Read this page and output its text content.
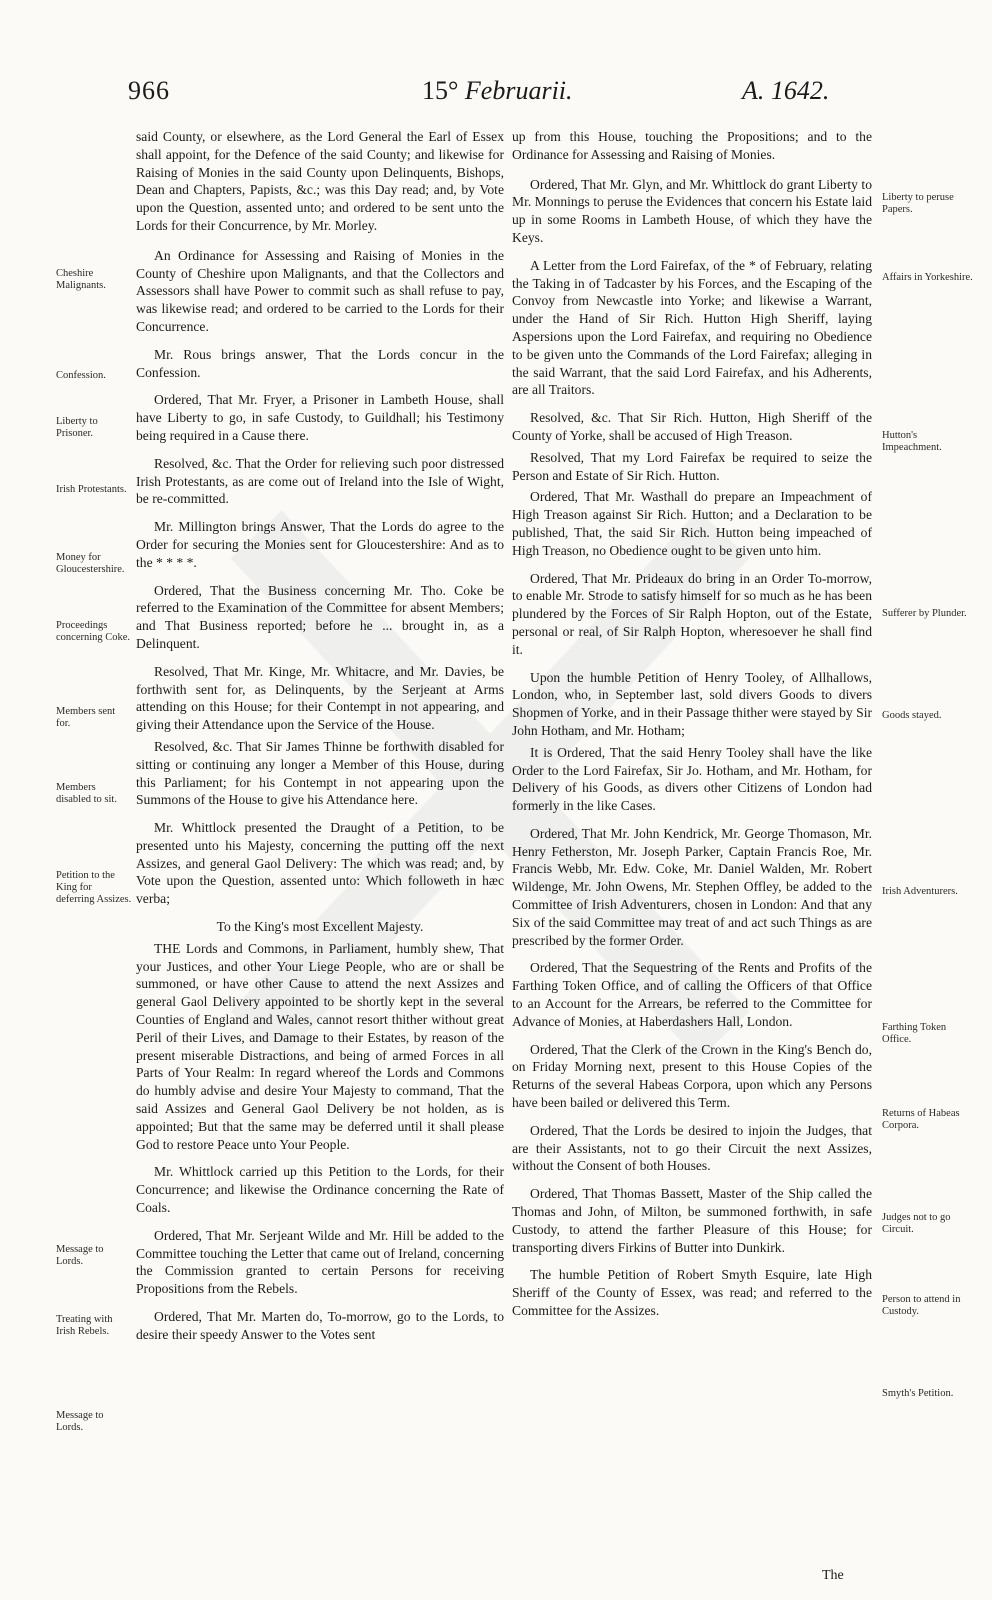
966	15° Februarii.	A. 1642.

said County, or elsewhere, as the Lord General the Earl of Essex shall appoint, for the Defence of the said County; and likewise for Raising of Monies in the said County upon Delinquents, Bishops, Dean and Chapters, Papists, &c.; was this Day read; and, by Vote upon the Question, assented unto; and ordered to be sent unto the Lords for their Concurrence, by Mr. Morley.

An Ordinance for Assessing and Raising of Monies in the County of Cheshire upon Malignants, and that the Collectors and Assessors shall have Power to commit such as shall refuse to pay, was likewise read; and ordered to be carried to the Lords for their Concurrence.

Mr. Rous brings answer, That the Lords concur in the Confession.

Ordered, That Mr. Fryer, a Prisoner in Lambeth House, shall have Liberty to go, in safe Custody, to Guildhall; his Testimony being required in a Cause there.

Resolved, &c. That the Order for relieving such poor distressed Irish Protestants, as are come out of Ireland into the Isle of Wight, be re-committed.

Mr. Millington brings Answer, That the Lords do agree to the Order for securing the Monies sent for Gloucestershire: And as to the * * * *.

Ordered, That the Business concerning Mr. Tho. Coke be referred to the Examination of the Committee for absent Members; and That Business reported; before he ... brought in, as a Delinquent.

Resolved, That Mr. Kinge, Mr. Whitacre, and Mr. Davies, be forthwith sent for, as Delinquents, by the Serjeant at Arms attending on this House; for their Contempt in not appearing, and giving their Attendance upon the Service of the House.

Resolved, &c. That Sir James Thinne be forthwith disabled for sitting or continuing any longer a Member of this House, during this Parliament; for his Contempt in not appearing upon the Summons of the House to give his Attendance here.

Mr. Whittlock presented the Draught of a Petition, to be presented unto his Majesty, concerning the putting off the next Assizes, and general Gaol Delivery: The which was read; and, by Vote upon the Question, assented unto: Which followeth in hæc verba;

To the King's most Excellent Majesty.

THE Lords and Commons, in Parliament, humbly shew, That your Justices, and other Your Liege People, who are or shall be summoned, or have other Cause to attend the next Assizes and general Gaol Delivery appointed to be shortly kept in the several Counties of England and Wales, cannot resort thither without great Peril of their Lives, and Damage to their Estates, by reason of the present miserable Distractions, and being of armed Forces in all Parts of Your Realm: In regard whereof the Lords and Commons do humbly advise and desire Your Majesty to command, That the said Assizes and General Gaol Delivery be not holden, as is appointed; But that the same may be deferred until it shall please God to restore Peace unto Your People.

Mr. Whittlock carried up this Petition to the Lords, for their Concurrence; and likewise the Ordinance concerning the Rate of Coals.

Ordered, That Mr. Serjeant Wilde and Mr. Hill be added to the Committee touching the Letter that came out of Ireland, concerning the Commission granted to certain Persons for receiving Propositions from the Rebels.

Ordered, That Mr. Marten do, To-morrow, go to the Lords, to desire their speedy Answer to the Votes sent

Cheshire Malignants.
Confession.
Liberty to Prisoner.
Irish Protestants.
Money for Gloucestershire.
Proceedings concerning Coke.
Members sent for.
Members disabled to sit.
Petition to the King for deferring Assizes.
Message to Lords.
Treating with Irish Rebels.
Message to Lords.

up from this House, touching the Propositions; and to the Ordinance for Assessing and Raising of Monies.

Ordered, That Mr. Glyn, and Mr. Whittlock do grant Liberty to Mr. Monnings to peruse the Evidences that concern his Estate laid up in some Rooms in Lambeth House, of which they have the Keys.

A Letter from the Lord Fairefax, of the * of February, relating the Taking in of Tadcaster by his Forces, and the Escaping of the Convoy from Newcastle into Yorke; and likewise a Warrant, under the Hand of Sir Rich. Hutton High Sheriff, laying Aspersions upon the Lord Fairefax, and requiring no Obedience to be given unto the Commands of the Lord Fairefax; alleging in the said Warrant, that the said Lord Fairefax, and his Adherents, are all Traitors.

Resolved, &c. That Sir Rich. Hutton, High Sheriff of the County of Yorke, shall be accused of High Treason.

Resolved, That my Lord Fairefax be required to seize the Person and Estate of Sir Rich. Hutton.

Ordered, That Mr. Wasthall do prepare an Impeachment of High Treason against Sir Rich. Hutton; and a Declaration to be published, That, the said Sir Rich. Hutton being impeached of High Treason, no Obedience ought to be given unto him.

Ordered, That Mr. Prideaux do bring in an Order To-morrow, to enable Mr. Strode to satisfy himself for so much as he has been plundered by the Forces of Sir Ralph Hopton, out of the Estate, personal or real, of Sir Ralph Hopton, wheresoever he shall find it.

Upon the humble Petition of Henry Tooley, of Allhallows, London, who, in September last, sold divers Goods to divers Shopmen of Yorke, and in their Passage thither were stayed by Sir John Hotham, and Mr. Hotham;

It is Ordered, That the said Henry Tooley shall have the like Order to the Lord Fairefax, Sir Jo. Hotham, and Mr. Hotham, for Delivery of his Goods, as divers other Citizens of London had formerly in the like Cases.

Ordered, That Mr. John Kendrick, Mr. George Thomason, Mr. Henry Fetherston, Mr. Joseph Parker, Captain Francis Roe, Mr. Francis Webb, Mr. Edw. Coke, Mr. Daniel Walden, Mr. Robert Wildenge, Mr. John Owens, Mr. Stephen Offley, be added to the Committee of Irish Adventurers, chosen in London: And that any Six of the said Committee may treat of and act such Things as are prescribed by the former Order.

Ordered, That the Sequestring of the Rents and Profits of the Farthing Token Office, and of calling the Officers of that Office to an Account for the Arrears, be referred to the Committee for Advance of Monies, at Haberdashers Hall, London.

Ordered, That the Clerk of the Crown in the King's Bench do, on Friday Morning next, present to this House Copies of the Returns of the several Habeas Corpora, upon which any Persons have been bailed or delivered this Term.

Ordered, That the Lords be desired to injoin the Judges, that are their Assistants, not to go their Circuit the next Assizes, without the Consent of both Houses.

Ordered, That Thomas Bassett, Master of the Ship called the Thomas and John, of Milton, be summoned forthwith, in safe Custody, to attend the farther Pleasure of this House; for transporting divers Firkins of Butter into Dunkirk.

The humble Petition of Robert Smyth Esquire, late High Sheriff of the County of Essex, was read; and referred to the Committee for the Assizes.

Liberty to peruse Papers.
Affairs in Yorkeshire.
Hutton's Impeachment.
Sufferer by Plunder.
Goods stayed.
Irish Adventurers.
Farthing Token Office.
Returns of Habeas Corpora.
Judges not to go Circuit.
Person to attend in Custody.
Smyth's Petition.
The
